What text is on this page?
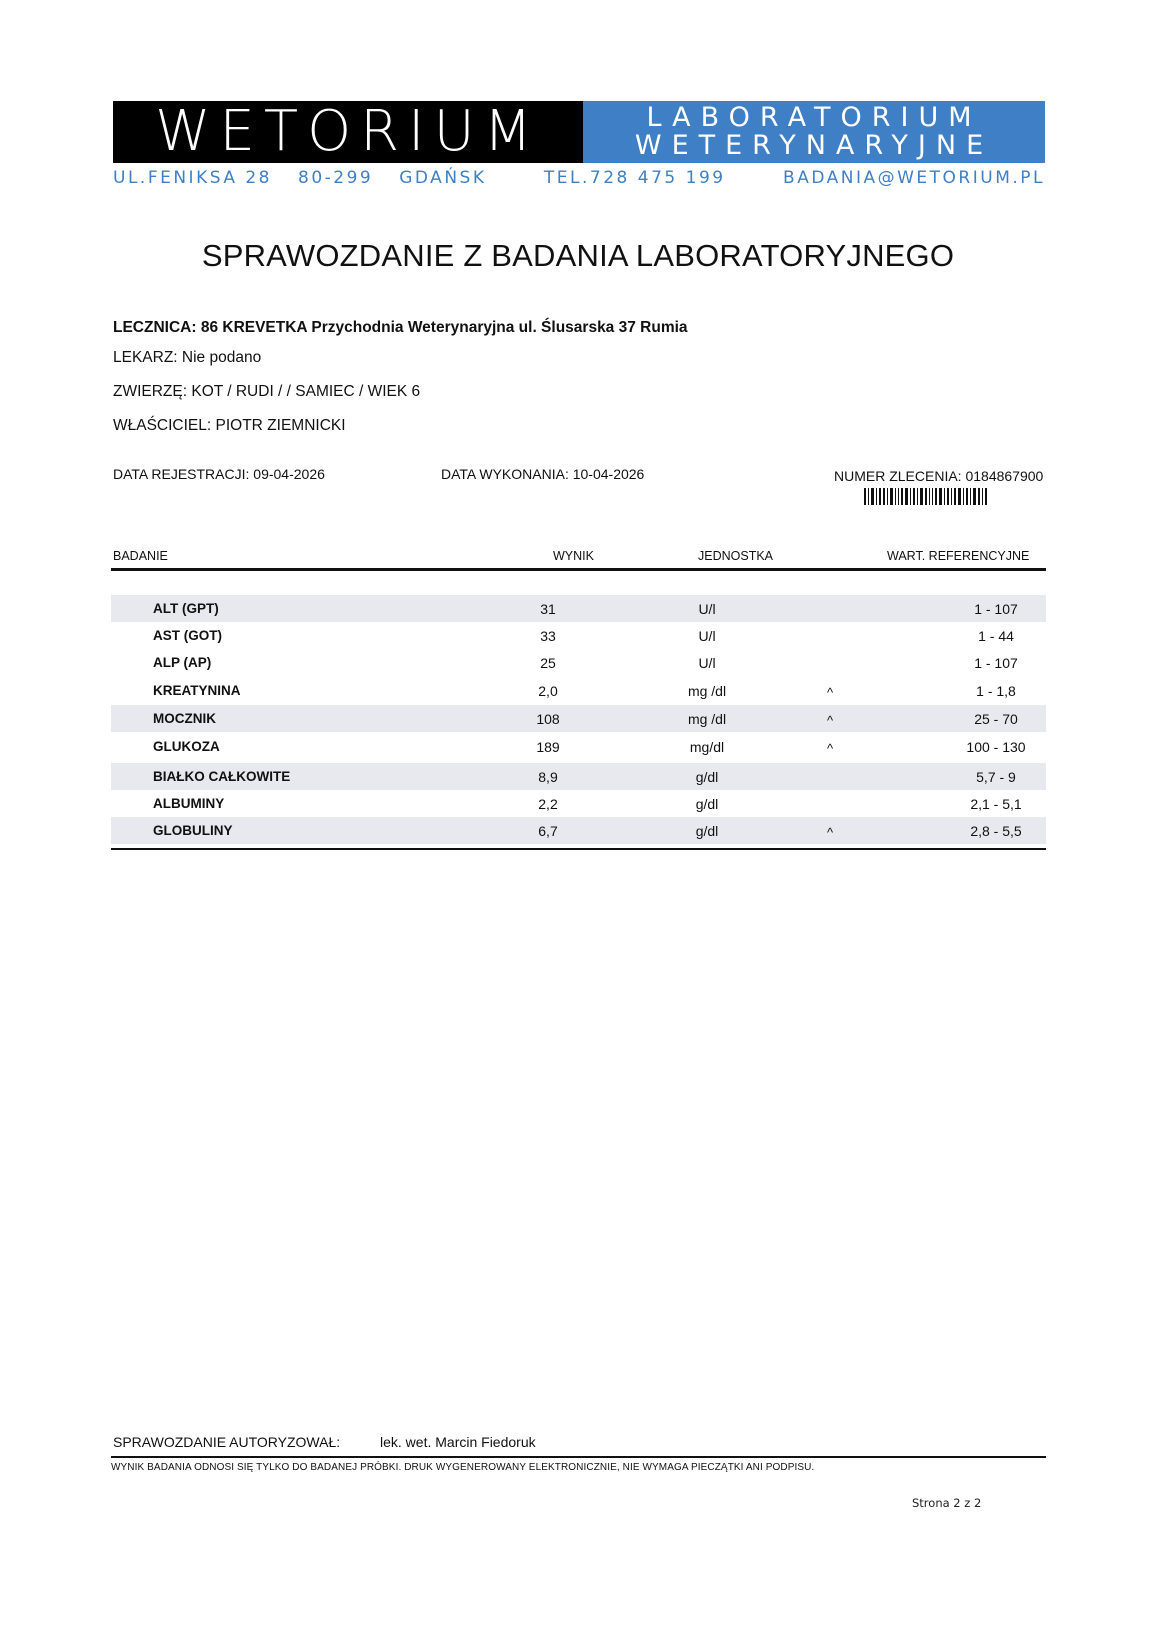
WETORIUM	LABORATORIUM
WETERYNARYJNE
UL.FENIKSA 28 80-299 GDAŃSK	TEL.728 475 199	BADANIA@WETORIUM.PL
SPRAWOZDANIE Z BADANIA LABORATORYJNEGO
LECZNICA: 86 KREVETKA Przychodnia Weterynaryjna ul. Ślusarska 37 Rumia
LEKARZ: Nie podano
ZWIERZĘ: KOT / RUDI / / SAMIEC / WIEK 6
WŁAŚCICIEL: PIOTR ZIEMNICKI
DATA REJESTRACJI: 09-04-2026	DATA WYKONANIA: 10-04-2026	NUMER ZLECENIA: 0184867900
BADANIE	WYNIK	JEDNOSTKA	WART. REFERENCYJNE
ALT (GPT)	31	U/l	1 - 107
AST (GOT)	33	U/l	1 - 44
ALP (AP)	25	U/l	1 - 107
KREATYNINA	2,0	mg /dl	^	1 - 1,8
MOCZNIK	108	mg /dl	^	25 - 70
GLUKOZA	189	mg/dl	^	100 - 130
BIAŁKO CAŁKOWITE	8,9	g/dl	5,7 - 9
ALBUMINY	2,2	g/dl	2,1 - 5,1
GLOBULINY	6,7	g/dl	^	2,8 - 5,5
SPRAWOZDANIE AUTORYZOWAŁ:	lek. wet. Marcin Fiedoruk
WYNIK BADANIA ODNOSI SIĘ TYLKO DO BADANEJ PRÓBKI. DRUK WYGENEROWANY ELEKTRONICZNIE, NIE WYMAGA PIECZĄTKI ANI PODPISU.
Strona 2 z 2
